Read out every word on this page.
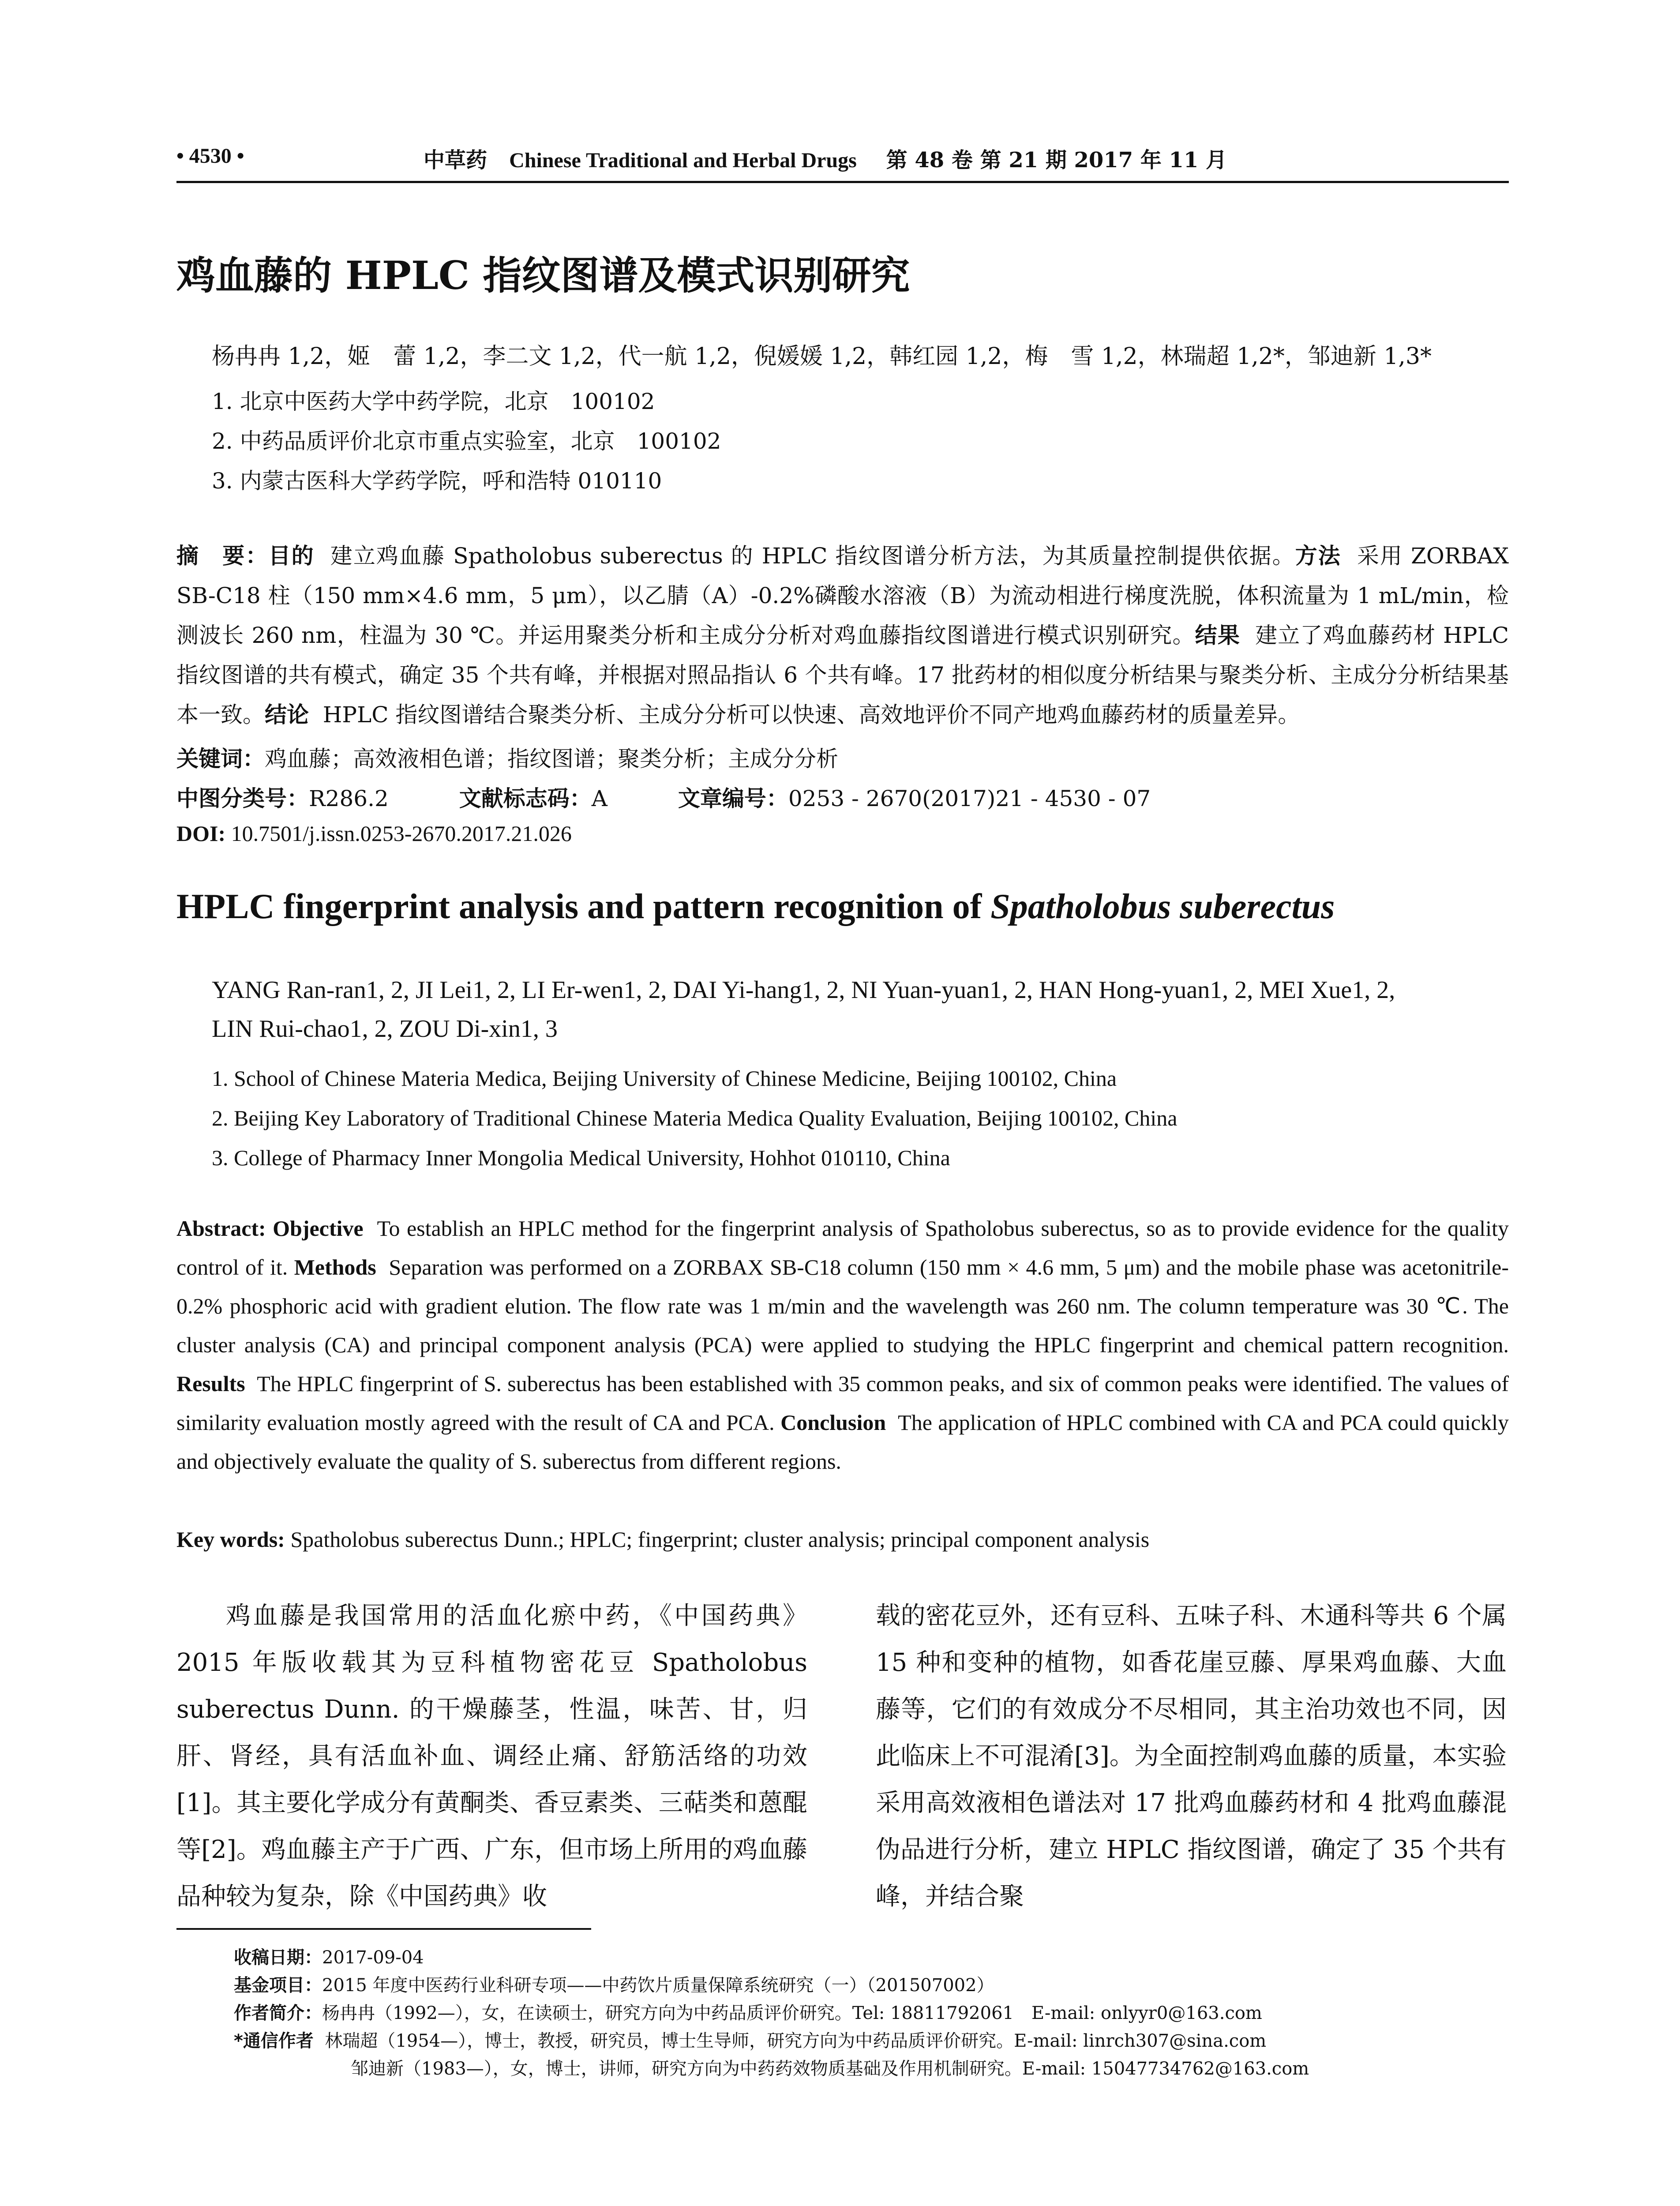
• 4530 •	中草药 Chinese Traditional and Herbal Drugs 第 48 卷 第 21 期 2017 年 11 月
鸡血藤的 HPLC 指纹图谱及模式识别研究
杨冉冉 1,2，姬　蕾 1,2，李二文 1,2，代一航 1,2，倪媛媛 1,2，韩红园 1,2，梅　雪 1,2，林瑞超 1,2*，邹迪新 1,3*
1. 北京中医药大学中药学院，北京　100102
2. 中药品质评价北京市重点实验室，北京　100102
3. 内蒙古医科大学药学院，呼和浩特 010110
摘　要：目的 建立鸡血藤 Spatholobus suberectus 的 HPLC 指纹图谱分析方法，为其质量控制提供依据。方法 采用 ZORBAX SB-C18 柱（150 mm×4.6 mm，5 μm），以乙腈（A）-0.2%磷酸水溶液（B）为流动相进行梯度洗脱，体积流量为 1 mL/min，检测波长 260 nm，柱温为 30 ℃。并运用聚类分析和主成分分析对鸡血藤指纹图谱进行模式识别研究。结果 建立了鸡血藤药材 HPLC 指纹图谱的共有模式，确定 35 个共有峰，并根据对照品指认 6 个共有峰。17 批药材的相似度分析结果与聚类分析、主成分分析结果基本一致。结论 HPLC 指纹图谱结合聚类分析、主成分分析可以快速、高效地评价不同产地鸡血藤药材的质量差异。
关键词：鸡血藤；高效液相色谱；指纹图谱；聚类分析；主成分分析
中图分类号：R286.2	文献标志码：A	文章编号：0253 - 2670(2017)21 - 4530 - 07
DOI: 10.7501/j.issn.0253-2670.2017.21.026
HPLC fingerprint analysis and pattern recognition of Spatholobus suberectus
YANG Ran-ran1, 2, JI Lei1, 2, LI Er-wen1, 2, DAI Yi-hang1, 2, NI Yuan-yuan1, 2, HAN Hong-yuan1, 2, MEI Xue1, 2,
LIN Rui-chao1, 2, ZOU Di-xin1, 3
1. School of Chinese Materia Medica, Beijing University of Chinese Medicine, Beijing 100102, China
2. Beijing Key Laboratory of Traditional Chinese Materia Medica Quality Evaluation, Beijing 100102, China
3. College of Pharmacy Inner Mongolia Medical University, Hohhot 010110, China
Abstract: Objective To establish an HPLC method for the fingerprint analysis of Spatholobus suberectus, so as to provide evidence for the quality control of it. Methods Separation was performed on a ZORBAX SB-C18 column (150 mm × 4.6 mm, 5 μm) and the mobile phase was acetonitrile-0.2% phosphoric acid with gradient elution. The flow rate was 1 m/min and the wavelength was 260 nm. The column temperature was 30 ℃. The cluster analysis (CA) and principal component analysis (PCA) were applied to studying the HPLC fingerprint and chemical pattern recognition. Results The HPLC fingerprint of S. suberectus has been established with 35 common peaks, and six of common peaks were identified. The values of similarity evaluation mostly agreed with the result of CA and PCA. Conclusion The application of HPLC combined with CA and PCA could quickly and objectively evaluate the quality of S. suberectus from different regions.
Key words: Spatholobus suberectus Dunn.; HPLC; fingerprint; cluster analysis; principal component analysis
鸡血藤是我国常用的活血化瘀中药，《中国药典》2015 年版收载其为豆科植物密花豆 Spatholobus suberectus Dunn. 的干燥藤茎，性温，味苦、甘，归肝、肾经，具有活血补血、调经止痛、舒筋活络的功效[1]。其主要化学成分有黄酮类、香豆素类、三萜类和蒽醌等[2]。鸡血藤主产于广西、广东，但市场上所用的鸡血藤品种较为复杂，除《中国药典》收
载的密花豆外，还有豆科、五味子科、木通科等共 6 个属 15 种和变种的植物，如香花崖豆藤、厚果鸡血藤、大血藤等，它们的有效成分不尽相同，其主治功效也不同，因此临床上不可混淆[3]。为全面控制鸡血藤的质量，本实验采用高效液相色谱法对 17 批鸡血藤药材和 4 批鸡血藤混伪品进行分析，建立 HPLC 指纹图谱，确定了 35 个共有峰，并结合聚
收稿日期：2017-09-04
基金项目：2015 年度中医药行业科研专项——中药饮片质量保障系统研究（一）（201507002）
作者简介：杨冉冉（1992—），女，在读硕士，研究方向为中药品质评价研究。Tel: 18811792061　E-mail: onlyyr0@163.com
*通信作者 林瑞超（1954—），博士，教授，研究员，博士生导师，研究方向为中药品质评价研究。E-mail: linrch307@sina.com
邹迪新（1983—），女，博士，讲师，研究方向为中药药效物质基础及作用机制研究。E-mail: 15047734762@163.com
